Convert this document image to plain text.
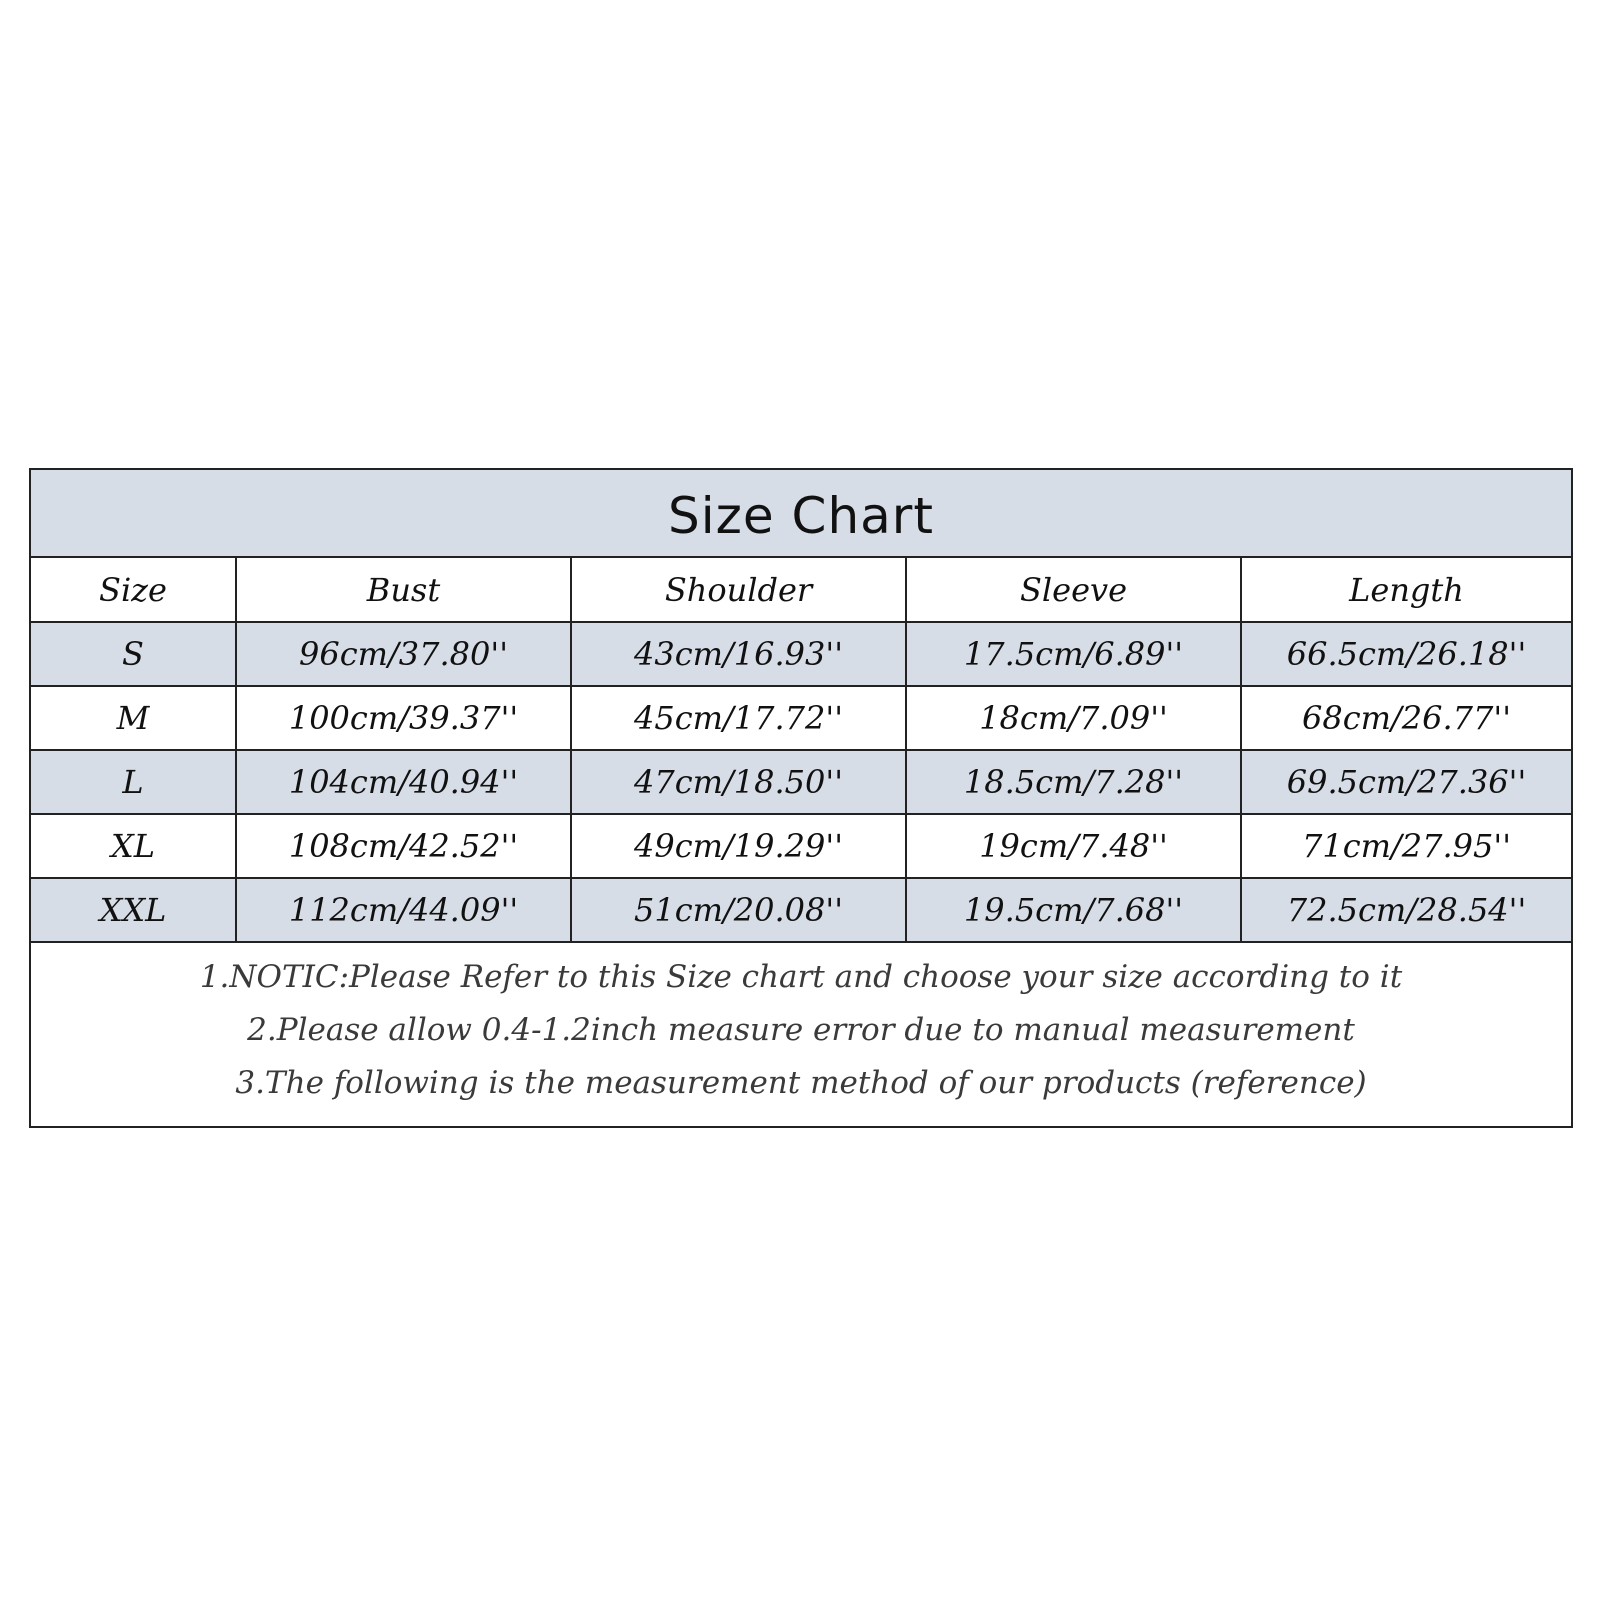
Size Chart
Size	Bust	Shoulder	Sleeve	Length
S	96cm/37.80''	43cm/16.93''	17.5cm/6.89''	66.5cm/26.18''
M	100cm/39.37''	45cm/17.72''	18cm/7.09''	68cm/26.77''
L	104cm/40.94''	47cm/18.50''	18.5cm/7.28''	69.5cm/27.36''
XL	108cm/42.52''	49cm/19.29''	19cm/7.48''	71cm/27.95''
XXL	112cm/44.09''	51cm/20.08''	19.5cm/7.68''	72.5cm/28.54''
1.NOTIC:Please Refer to this Size chart and choose your size according to it
2.Please allow 0.4-1.2inch measure error due to manual measurement
3.The following is the measurement method of our products (reference)
